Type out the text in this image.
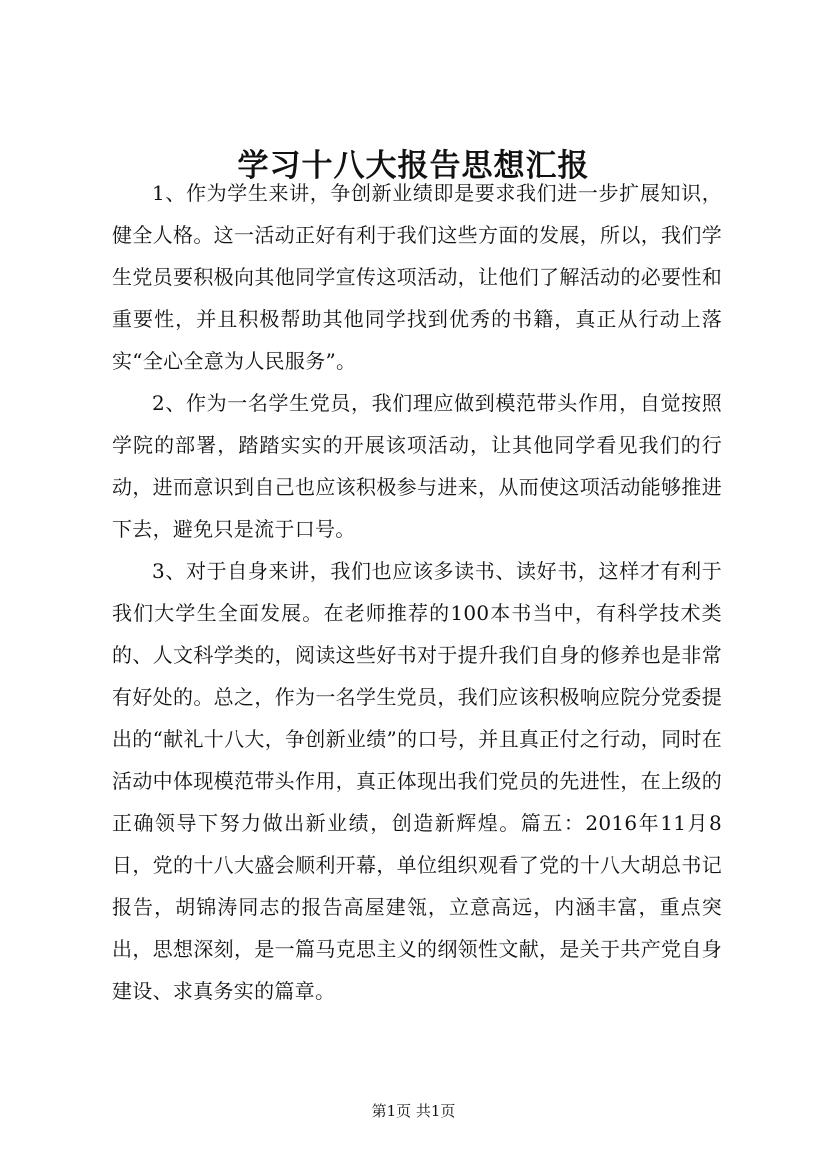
学习十八大报告思想汇报

1、作为学生来讲，争创新业绩即是要求我们进一步扩展知识，健全人格。这一活动正好有利于我们这些方面的发展，所以，我们学生党员要积极向其他同学宣传这项活动，让他们了解活动的必要性和重要性，并且积极帮助其他同学找到优秀的书籍，真正从行动上落实“全心全意为人民服务”。

2、作为一名学生党员，我们理应做到模范带头作用，自觉按照学院的部署，踏踏实实的开展该项活动，让其他同学看见我们的行动，进而意识到自己也应该积极参与进来，从而使这项活动能够推进下去，避免只是流于口号。

3、对于自身来讲，我们也应该多读书、读好书，这样才有利于我们大学生全面发展。在老师推荐的100本书当中，有科学技术类的、人文科学类的，阅读这些好书对于提升我们自身的修养也是非常有好处的。总之，作为一名学生党员，我们应该积极响应院分党委提出的“献礼十八大，争创新业绩”的口号，并且真正付之行动，同时在活动中体现模范带头作用，真正体现出我们党员的先进性，在上级的正确领导下努力做出新业绩，创造新辉煌。篇五：2016年11月8日，党的十八大盛会顺利开幕，单位组织观看了党的十八大胡总书记报告，胡锦涛同志的报告高屋建瓴，立意高远，内涵丰富，重点突出，思想深刻，是一篇马克思主义的纲领性文献，是关于共产党自身建设、求真务实的篇章。

第1页 共1页
